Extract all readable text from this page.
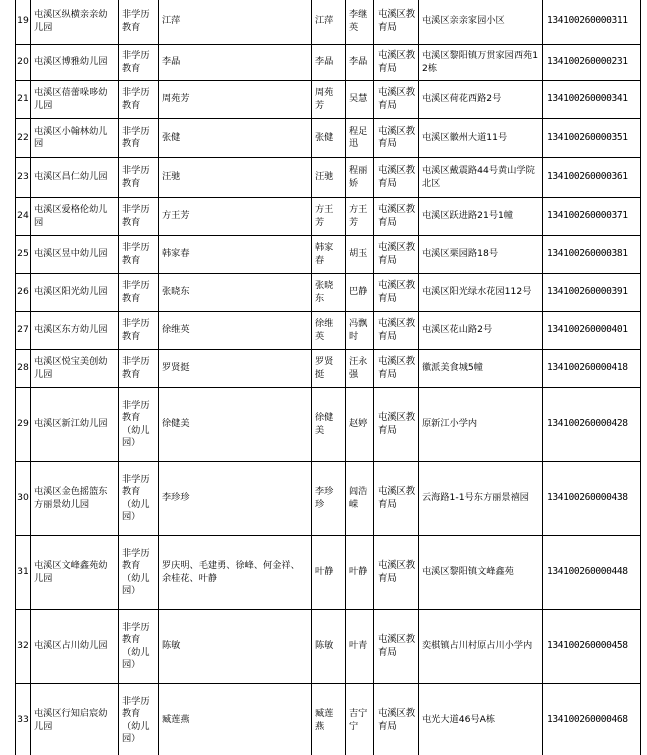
19	屯溪区纵横亲亲幼儿园	非学历教育	江萍	江萍	李继英	屯溪区教育局	屯溪区亲亲家园小区	134100260000311
20	屯溪区博雅幼儿园	非学历教育	李晶	李晶	李晶	屯溪区教育局	屯溪区黎阳镇万贯家园西苑12栋	134100260000231
21	屯溪区蓓蕾哚哆幼儿园	非学历教育	周苑芳	周苑芳	吴慧	屯溪区教育局	屯溪区荷花西路2号	134100260000341
22	屯溪区小翰林幼儿园	非学历教育	张健	张健	程足迅	屯溪区教育局	屯溪区徽州大道11号	134100260000351
23	屯溪区昌仁幼儿园	非学历教育	汪驰	汪驰	程丽娇	屯溪区教育局	屯溪区戴震路44号黄山学院北区	134100260000361
24	屯溪区爱格伦幼儿园	非学历教育	方王芳	方王芳	方王芳	屯溪区教育局	屯溪区跃进路21号1幢	134100260000371
25	屯溪区昱中幼儿园	非学历教育	韩家春	韩家春	胡玉	屯溪区教育局	屯溪区栗园路18号	134100260000381
26	屯溪区阳光幼儿园	非学历教育	张晓东	张晓东	巴静	屯溪区教育局	屯溪区阳光绿水花园112号	134100260000391
27	屯溪区东方幼儿园	非学历教育	徐维英	徐维英	冯飘时	屯溪区教育局	屯溪区花山路2号	134100260000401
28	屯溪区悦宝美创幼儿园	非学历教育	罗贤挺	罗贤挺	汪永强	屯溪区教育局	徽派美食城5幢	134100260000418
29	屯溪区新江幼儿园	非学历教育（幼儿园）	徐健美	徐健美	赵婷	屯溪区教育局	原新江小学内	134100260000428
30	屯溪区金色摇篮东方丽景幼儿园	非学历教育（幼儿园）	李珍珍	李珍珍	闾浩嵘	屯溪区教育局	云海路1-1号东方丽景禧园	134100260000438
31	屯溪区文峰鑫苑幼儿园	非学历教育（幼儿园）	罗庆明、毛建勇、徐峰、何金祥、余桂花、叶静	叶静	叶静	屯溪区教育局	屯溪区黎阳镇文峰鑫苑	134100260000448
32	屯溪区占川幼儿园	非学历教育（幼儿园）	陈敏	陈敏	叶青	屯溪区教育局	奕棋镇占川村原占川小学内	134100260000458
33	屯溪区行知启宸幼儿园	非学历教育（幼儿园）	臧莲燕	臧莲燕	吉宁宁	屯溪区教育局	屯光大道46号A栋	134100260000468
